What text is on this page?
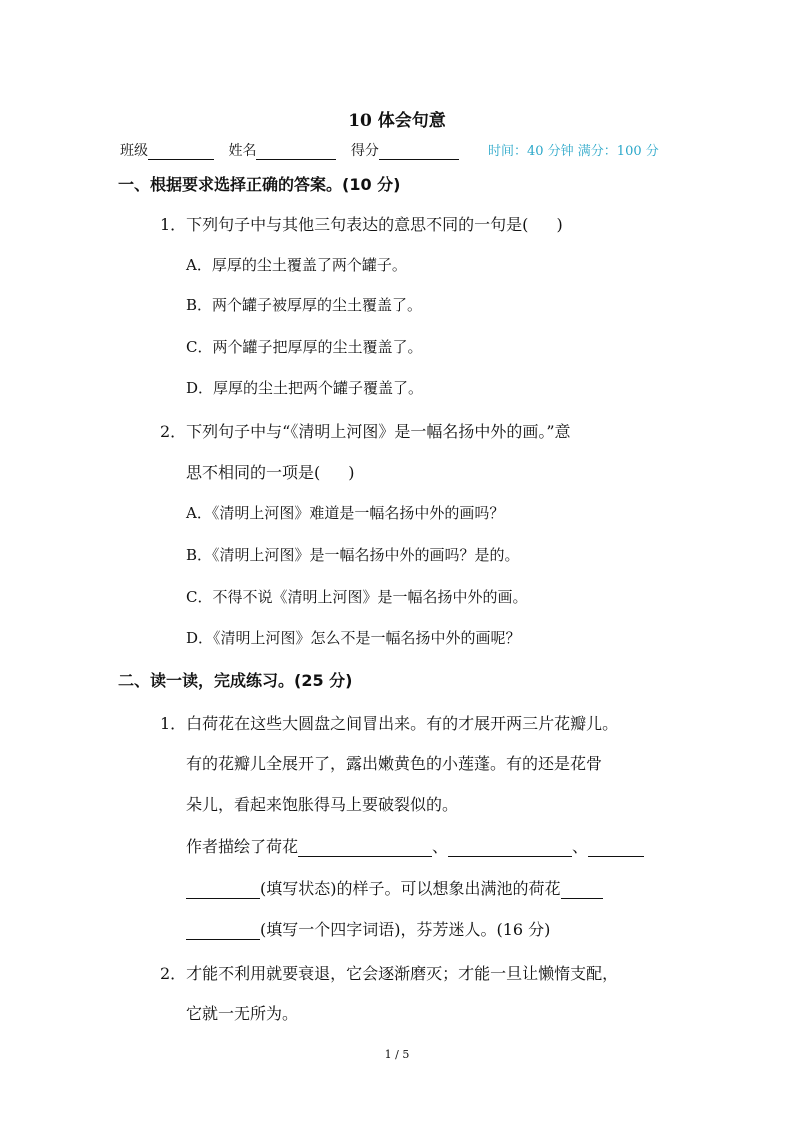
10 体会句意
班级	姓名	得分	时间：40 分钟 满分：100 分
一、根据要求选择正确的答案。(10 分)
1．下列句子中与其他三句表达的意思不同的一句是( )
A．厚厚的尘土覆盖了两个罐子。
B．两个罐子被厚厚的尘土覆盖了。
C．两个罐子把厚厚的尘土覆盖了。
D．厚厚的尘土把两个罐子覆盖了。
2．下列句子中与“《清明上河图》是一幅名扬中外的画。”意
思不相同的一项是( )
A．《清明上河图》难道是一幅名扬中外的画吗？
B．《清明上河图》是一幅名扬中外的画吗？是的。
C．不得不说《清明上河图》是一幅名扬中外的画。
D．《清明上河图》怎么不是一幅名扬中外的画呢？
二、读一读，完成练习。(25 分)
1．白荷花在这些大圆盘之间冒出来。有的才展开两三片花瓣儿。
有的花瓣儿全展开了，露出嫩黄色的小莲蓬。有的还是花骨
朵儿，看起来饱胀得马上要破裂似的。
作者描绘了荷花	、	、
(填写状态)的样子。可以想象出满池的荷花
(填写一个四字词语)，芬芳迷人。(16 分)
2．才能不利用就要衰退，它会逐渐磨灭；才能一旦让懒惰支配，
它就一无所为。
1 / 5
